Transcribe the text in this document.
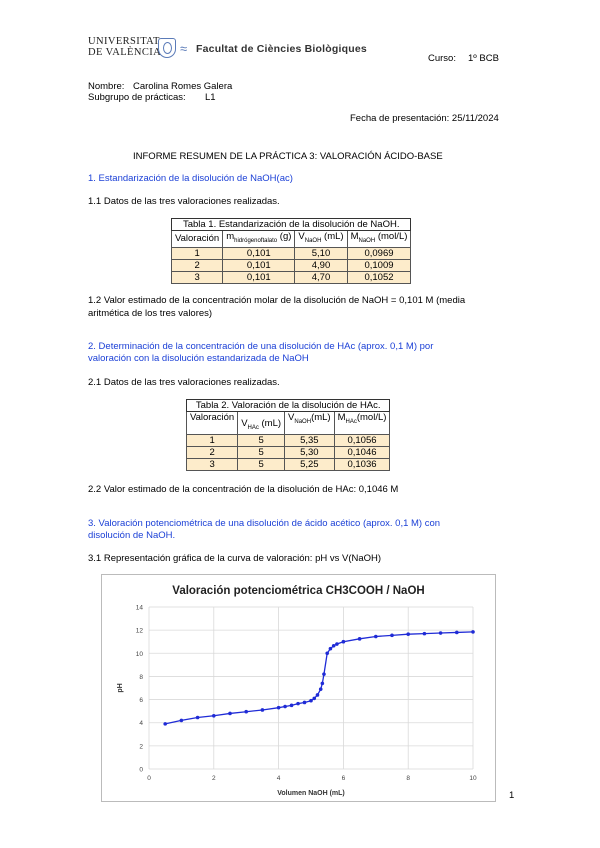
UNIVERSITAT
DE VALÈNCIA ≈ Facultat de Ciències Biològiques
Curso: 1º BCB
Nombre: Carolina Romes Galera
Subgrupo de prácticas: L1
Fecha de presentación: 25/11/2024
INFORME RESUMEN DE LA PRÁCTICA 3: VALORACIÓN ÁCIDO-BASE
1. Estandarización de la disolución de NaOH(ac)
1.1 Datos de las tres valoraciones realizadas.
Tabla 1. Estandarización de la disolución de NaOH.			
Valoración	$m_{hidrógenoftalato}$ (g)	$V_{NaOH}$ (mL)	$M_{NaOH}$ (mol/L)
1	0,101	5,10	0,0969
2	0,101	4,90	0,1009
3	0,101	4,70	0,1052
1.2 Valor estimado de la concentración molar de la disolución de NaOH = 0,101 M (media
aritmética de los tres valores)
2. Determinación de la concentración de una disolución de HAc (aprox. 0,1 M) por
valoración con la disolución estandarizada de NaOH
2.1 Datos de las tres valoraciones realizadas.
Tabla 2. Valoración de la disolución de HAc.			
Valoración	$V_{HAc}$ (mL)	$V_{NaOH}(mL)$	$M_{HAc}(mol/L)$
1	5	5,35	0,1056
2	5	5,30	0,1046
3	5	5,25	0,1036
2.2 Valor estimado de la concentración de la disolución de HAc: 0,1046 M
3. Valoración potenciométrica de una disolución de ácido acético (aprox. 0,1 M) con
disolución de NaOH.
3.1 Representación gráfica de la curva de valoración: pH vs V(NaOH)
Valoración potenciométrica CH3COOH / NaOH
0
2
4
6
8
10
12
14
0	2	4	6	8	10
Volumen NaOH (mL)
pH
1
